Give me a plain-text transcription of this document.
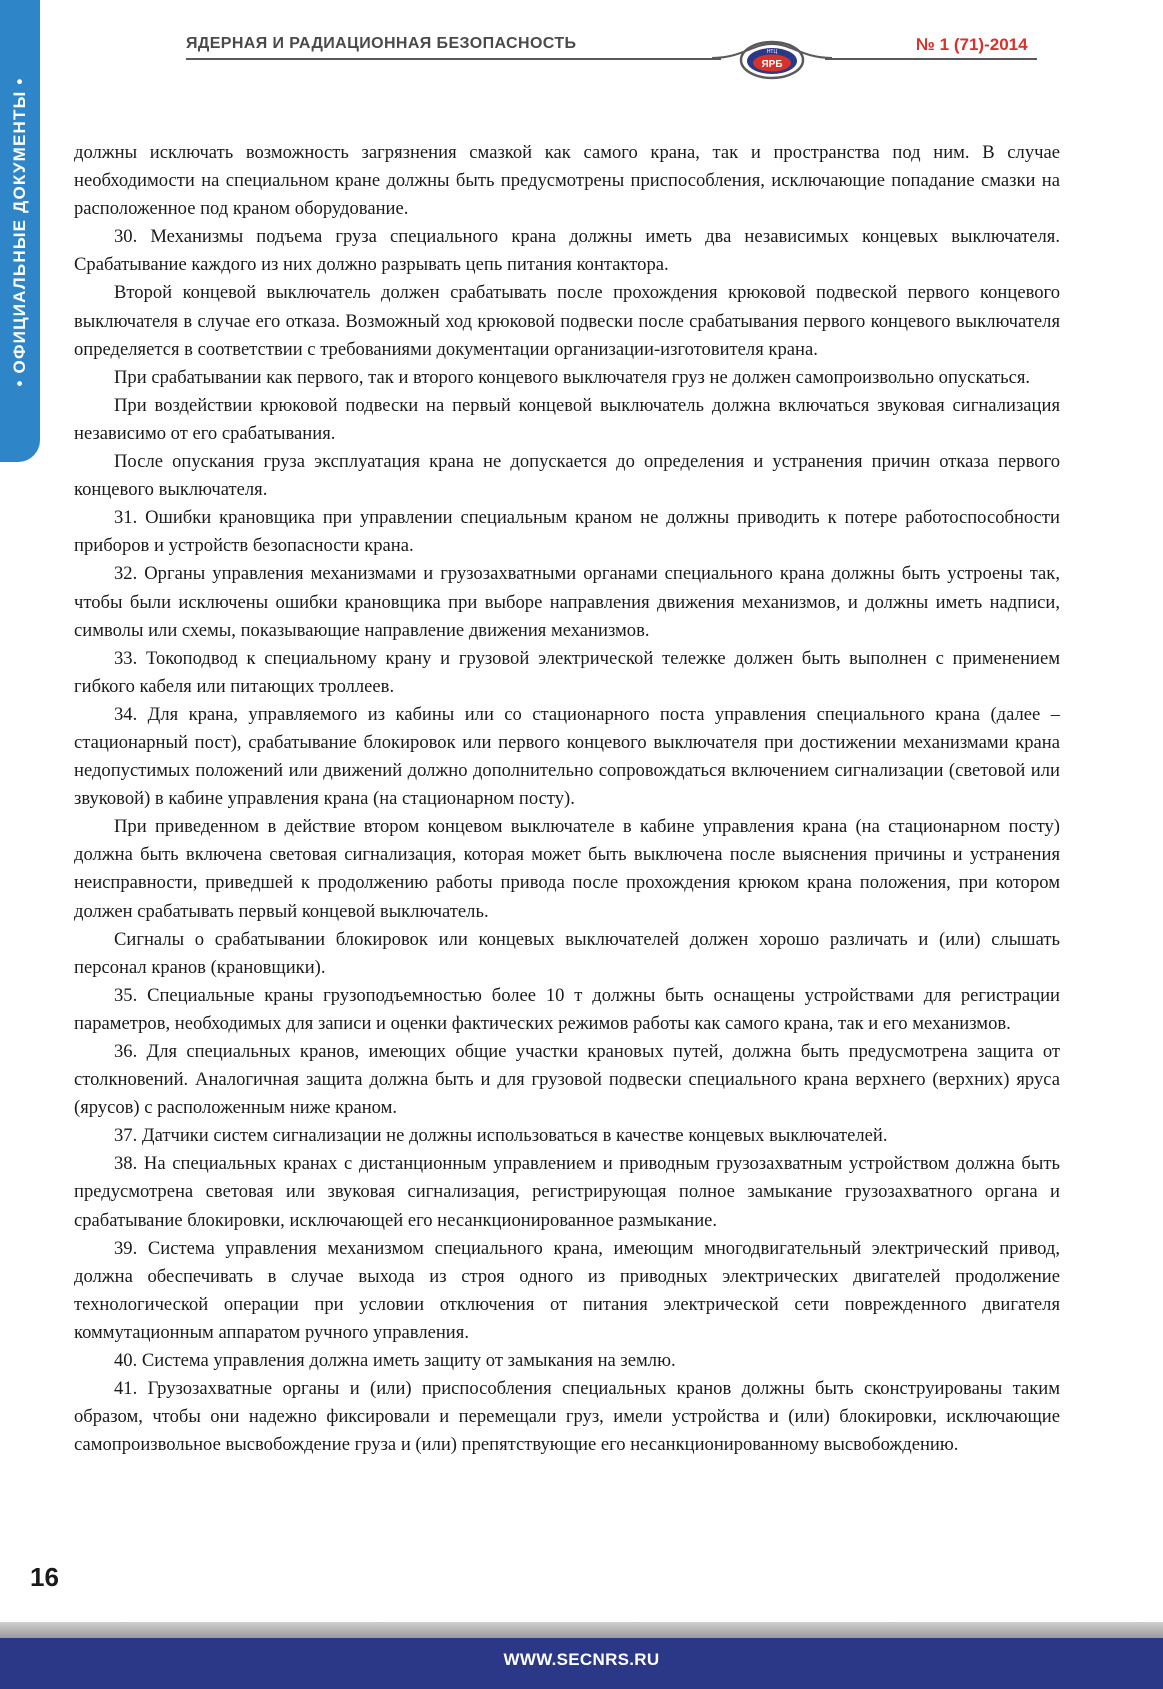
• ОФИЦИАЛЬНЫЕ ДОКУМЕНТЫ •
ЯДЕРНАЯ И РАДИАЦИОННАЯ БЕЗОПАСНОСТЬ	НТЦ
ЯРБ
№ 1 (71)-2014

должны исключать возможность загрязнения смазкой как самого крана, так и пространства под ним. В случае необходимости на специальном кране должны быть предусмотрены приспособления, исключающие попадание смазки на расположенное под краном оборудование.

30. Механизмы подъема груза специального крана должны иметь два независимых концевых выключателя. Срабатывание каждого из них должно разрывать цепь питания контактора.

Второй концевой выключатель должен срабатывать после прохождения крюковой подвеской первого концевого выключателя в случае его отказа. Возможный ход крюковой подвески после срабатывания первого концевого выключателя определяется в соответствии с требованиями документации организации-изготовителя крана.

При срабатывании как первого, так и второго концевого выключателя груз не должен самопроизвольно опускаться.

При воздействии крюковой подвески на первый концевой выключатель должна включаться звуковая сигнализация независимо от его срабатывания.

После опускания груза эксплуатация крана не допускается до определения и устранения причин отказа первого концевого выключателя.

31. Ошибки крановщика при управлении специальным краном не должны приводить к потере работоспособности приборов и устройств безопасности крана.

32. Органы управления механизмами и грузозахватными органами специального крана должны быть устроены так, чтобы были исключены ошибки крановщика при выборе направления движения механизмов, и должны иметь надписи, символы или схемы, показывающие направление движения механизмов.

33. Токоподвод к специальному крану и грузовой электрической тележке должен быть выполнен с применением гибкого кабеля или питающих троллеев.

34. Для крана, управляемого из кабины или со стационарного поста управления специального крана (далее – стационарный пост), срабатывание блокировок или первого концевого выключателя при достижении механизмами крана недопустимых положений или движений должно дополнительно сопровождаться включением сигнализации (световой или звуковой) в кабине управления крана (на стационарном посту).

При приведенном в действие втором концевом выключателе в кабине управления крана (на стационарном посту) должна быть включена световая сигнализация, которая может быть выключена после выяснения причины и устранения неисправности, приведшей к продолжению работы привода после прохождения крюком крана положения, при котором должен срабатывать первый концевой выключатель.

Сигналы о срабатывании блокировок или концевых выключателей должен хорошо различать и (или) слышать персонал кранов (крановщики).

35. Специальные краны грузоподъемностью более 10 т должны быть оснащены устройствами для регистрации параметров, необходимых для записи и оценки фактических режимов работы как самого крана, так и его механизмов.

36. Для специальных кранов, имеющих общие участки крановых путей, должна быть предусмотрена защита от столкновений. Аналогичная защита должна быть и для грузовой подвески специального крана верхнего (верхних) яруса (ярусов) с расположенным ниже краном.

37. Датчики систем сигнализации не должны использоваться в качестве концевых выключателей.

38. На специальных кранах с дистанционным управлением и приводным грузозахватным устройством должна быть предусмотрена световая или звуковая сигнализация, регистрирующая полное замыкание грузозахватного органа и срабатывание блокировки, исключающей его несанкционированное размыкание.

39. Система управления механизмом специального крана, имеющим многодвигательный электрический привод, должна обеспечивать в случае выхода из строя одного из приводных электрических двигателей продолжение технологической операции при условии отключения от питания электрической сети поврежденного двигателя коммутационным аппаратом ручного управления.

40. Система управления должна иметь защиту от замыкания на землю.

41. Грузозахватные органы и (или) приспособления специальных кранов должны быть сконструированы таким образом, чтобы они надежно фиксировали и перемещали груз, имели устройства и (или) блокировки, исключающие самопроизвольное высвобождение груза и (или) препятствующие его несанкционированному высвобождению.

16
WWW.SECNRS.RU
